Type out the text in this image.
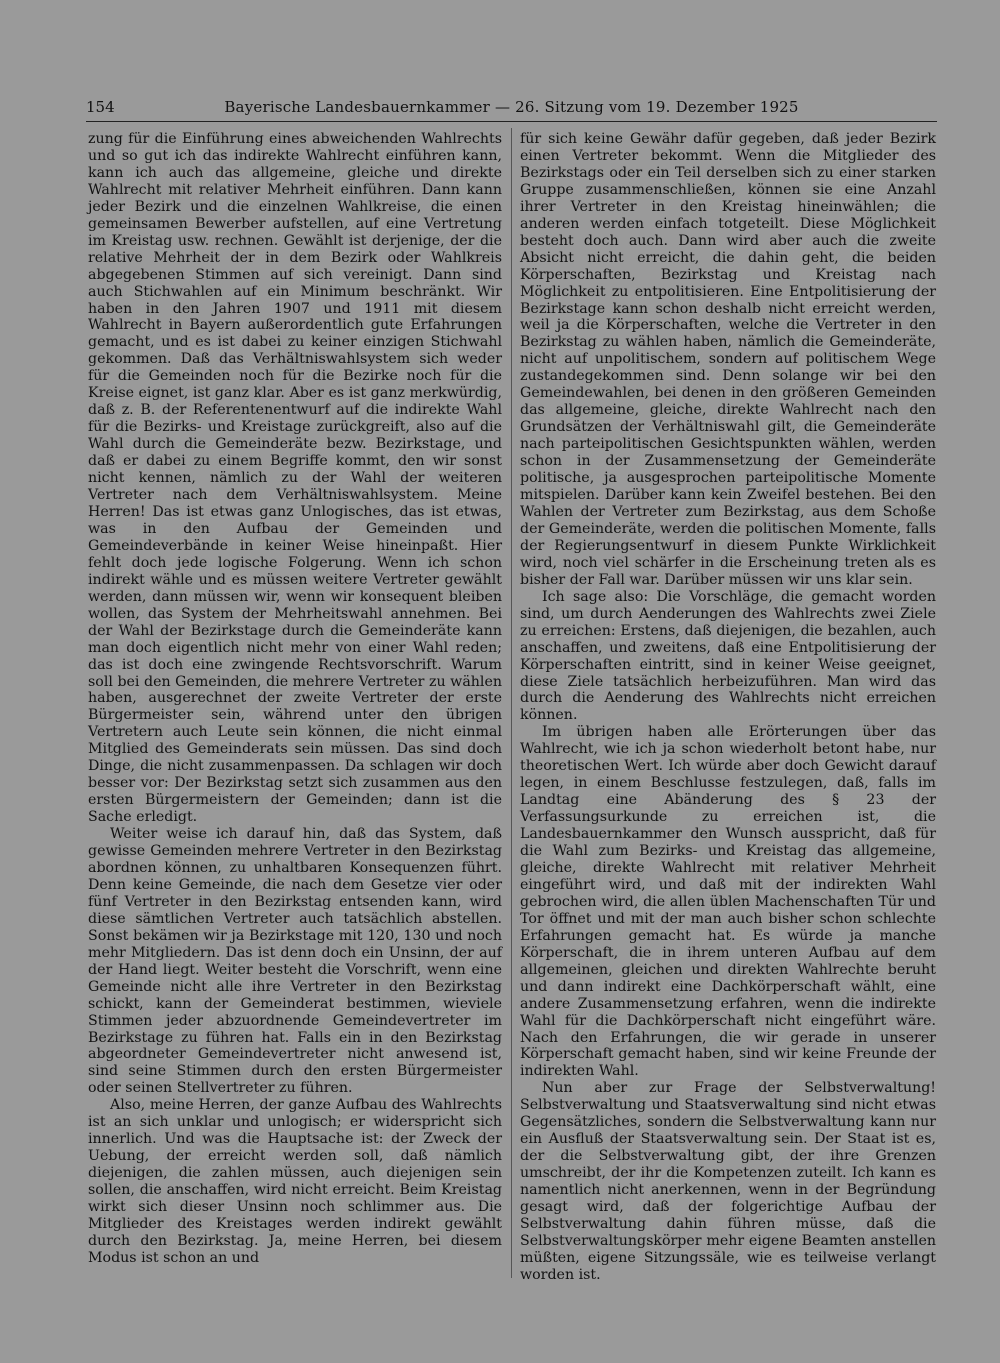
154	Bayerische Landesbauernkammer — 26. Sitzung vom 19. Dezember 1925

zung für die Einführung eines abweichenden Wahlrechts und so gut ich das indirekte Wahlrecht einführen kann, kann ich auch das allgemeine, gleiche und direkte Wahlrecht mit relativer Mehrheit einführen. Dann kann jeder Bezirk und die einzelnen Wahlkreise, die einen gemeinsamen Bewerber aufstellen, auf eine Vertretung im Kreistag usw. rechnen. Gewählt ist derjenige, der die relative Mehrheit der in dem Bezirk oder Wahlkreis abgegebenen Stimmen auf sich vereinigt. Dann sind auch Stichwahlen auf ein Minimum beschränkt. Wir haben in den Jahren 1907 und 1911 mit diesem Wahlrecht in Bayern außerordentlich gute Erfahrungen gemacht, und es ist dabei zu keiner einzigen Stichwahl gekommen. Daß das Verhältniswahlsystem sich weder für die Gemeinden noch für die Bezirke noch für die Kreise eignet, ist ganz klar. Aber es ist ganz merkwürdig, daß z. B. der Referentenentwurf auf die indirekte Wahl für die Bezirks- und Kreistage zurückgreift, also auf die Wahl durch die Gemeinderäte bezw. Bezirkstage, und daß er dabei zu einem Begriffe kommt, den wir sonst nicht kennen, nämlich zu der Wahl der weiteren Vertreter nach dem Verhältniswahlsystem. Meine Herren! Das ist etwas ganz Unlogisches, das ist etwas, was in den Aufbau der Gemeinden und Gemeindeverbände in keiner Weise hineinpaßt. Hier fehlt doch jede logische Folgerung. Wenn ich schon indirekt wähle und es müssen weitere Vertreter gewählt werden, dann müssen wir, wenn wir konsequent bleiben wollen, das System der Mehrheitswahl annehmen. Bei der Wahl der Bezirkstage durch die Gemeinderäte kann man doch eigentlich nicht mehr von einer Wahl reden; das ist doch eine zwingende Rechtsvorschrift. Warum soll bei den Gemeinden, die mehrere Vertreter zu wählen haben, ausgerechnet der zweite Vertreter der erste Bürgermeister sein, während unter den übrigen Vertretern auch Leute sein können, die nicht einmal Mitglied des Gemeinderats sein müssen. Das sind doch Dinge, die nicht zusammenpassen. Da schlagen wir doch besser vor: Der Bezirkstag setzt sich zusammen aus den ersten Bürgermeistern der Gemeinden; dann ist die Sache erledigt.

Weiter weise ich darauf hin, daß das System, daß gewisse Gemeinden mehrere Vertreter in den Bezirkstag abordnen können, zu unhaltbaren Konsequenzen führt. Denn keine Gemeinde, die nach dem Gesetze vier oder fünf Vertreter in den Bezirkstag entsenden kann, wird diese sämtlichen Vertreter auch tatsächlich abstellen. Sonst bekämen wir ja Bezirkstage mit 120, 130 und noch mehr Mitgliedern. Das ist denn doch ein Unsinn, der auf der Hand liegt. Weiter besteht die Vorschrift, wenn eine Gemeinde nicht alle ihre Vertreter in den Bezirkstag schickt, kann der Gemeinderat bestimmen, wieviele Stimmen jeder abzuordnende Gemeindevertreter im Bezirkstage zu führen hat. Falls ein in den Bezirkstag abgeordneter Gemeindevertreter nicht anwesend ist, sind seine Stimmen durch den ersten Bürgermeister oder seinen Stellvertreter zu führen.

Also, meine Herren, der ganze Aufbau des Wahlrechts ist an sich unklar und unlogisch; er widerspricht sich innerlich. Und was die Hauptsache ist: der Zweck der Uebung, der erreicht werden soll, daß nämlich diejenigen, die zahlen müssen, auch diejenigen sein sollen, die anschaffen, wird nicht erreicht. Beim Kreistag wirkt sich dieser Unsinn noch schlimmer aus. Die Mitglieder des Kreistages werden indirekt gewählt durch den Bezirkstag. Ja, meine Herren, bei diesem Modus ist schon an und

für sich keine Gewähr dafür gegeben, daß jeder Bezirk einen Vertreter bekommt. Wenn die Mitglieder des Bezirkstags oder ein Teil derselben sich zu einer starken Gruppe zusammenschließen, können sie eine Anzahl ihrer Vertreter in den Kreistag hineinwählen; die anderen werden einfach totgeteilt. Diese Möglichkeit besteht doch auch. Dann wird aber auch die zweite Absicht nicht erreicht, die dahin geht, die beiden Körperschaften, Bezirkstag und Kreistag nach Möglichkeit zu entpolitisieren. Eine Entpolitisierung der Bezirkstage kann schon deshalb nicht erreicht werden, weil ja die Körperschaften, welche die Vertreter in den Bezirkstag zu wählen haben, nämlich die Gemeinderäte, nicht auf unpolitischem, sondern auf politischem Wege zustandegekommen sind. Denn solange wir bei den Gemeindewahlen, bei denen in den größeren Gemeinden das allgemeine, gleiche, direkte Wahlrecht nach den Grundsätzen der Verhältniswahl gilt, die Gemeinderäte nach parteipolitischen Gesichtspunkten wählen, werden schon in der Zusammensetzung der Gemeinderäte politische, ja ausgesprochen parteipolitische Momente mitspielen. Darüber kann kein Zweifel bestehen. Bei den Wahlen der Vertreter zum Bezirkstag, aus dem Schoße der Gemeinderäte, werden die politischen Momente, falls der Regierungsentwurf in diesem Punkte Wirklichkeit wird, noch viel schärfer in die Erscheinung treten als es bisher der Fall war. Darüber müssen wir uns klar sein.

Ich sage also: Die Vorschläge, die gemacht worden sind, um durch Aenderungen des Wahlrechts zwei Ziele zu erreichen: Erstens, daß diejenigen, die bezahlen, auch anschaffen, und zweitens, daß eine Entpolitisierung der Körperschaften eintritt, sind in keiner Weise geeignet, diese Ziele tatsächlich herbeizuführen. Man wird das durch die Aenderung des Wahlrechts nicht erreichen können.

Im übrigen haben alle Erörterungen über das Wahlrecht, wie ich ja schon wiederholt betont habe, nur theoretischen Wert. Ich würde aber doch Gewicht darauf legen, in einem Beschlusse festzulegen, daß, falls im Landtag eine Abänderung des § 23 der Verfassungsurkunde zu erreichen ist, die Landesbauernkammer den Wunsch ausspricht, daß für die Wahl zum Bezirks- und Kreistag das allgemeine, gleiche, direkte Wahlrecht mit relativer Mehrheit eingeführt wird, und daß mit der indirekten Wahl gebrochen wird, die allen üblen Machenschaften Tür und Tor öffnet und mit der man auch bisher schon schlechte Erfahrungen gemacht hat. Es würde ja manche Körperschaft, die in ihrem unteren Aufbau auf dem allgemeinen, gleichen und direkten Wahlrechte beruht und dann indirekt eine Dachkörperschaft wählt, eine andere Zusammensetzung erfahren, wenn die indirekte Wahl für die Dachkörperschaft nicht eingeführt wäre. Nach den Erfahrungen, die wir gerade in unserer Körperschaft gemacht haben, sind wir keine Freunde der indirekten Wahl.

Nun aber zur Frage der Selbstverwaltung! Selbstverwaltung und Staatsverwaltung sind nicht etwas Gegensätzliches, sondern die Selbstverwaltung kann nur ein Ausfluß der Staatsverwaltung sein. Der Staat ist es, der die Selbstverwaltung gibt, der ihre Grenzen umschreibt, der ihr die Kompetenzen zuteilt. Ich kann es namentlich nicht anerkennen, wenn in der Begründung gesagt wird, daß der folgerichtige Aufbau der Selbstverwaltung dahin führen müsse, daß die Selbstverwaltungskörper mehr eigene Beamten anstellen müßten, eigene Sitzungssäle, wie es teilweise verlangt worden ist.
